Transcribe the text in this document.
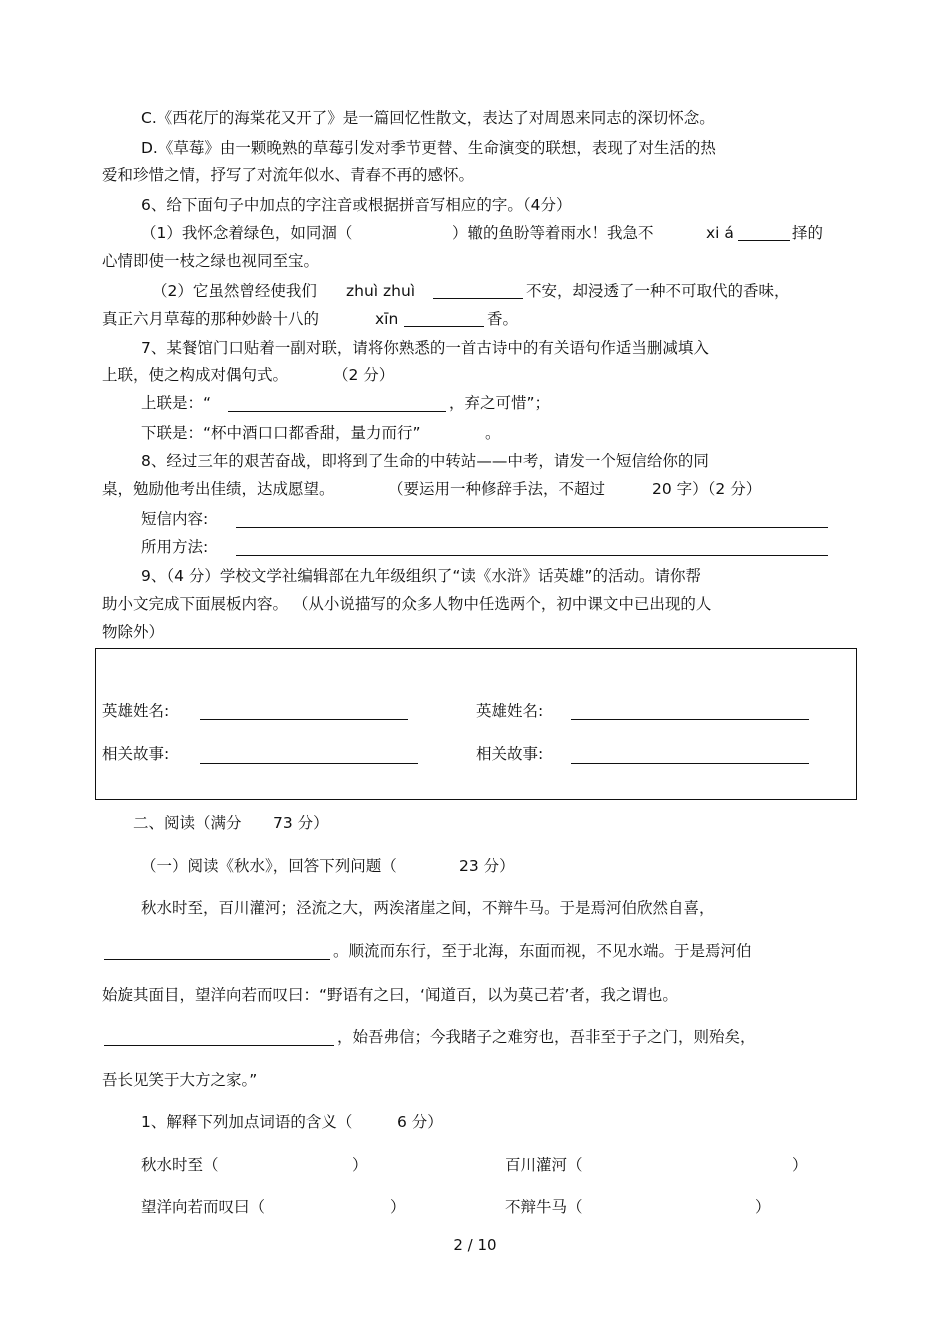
C.《西花厅的海棠花又开了》是一篇回忆性散文，表达了对周恩来同志的深切怀念。
D.《草莓》由一颗晚熟的草莓引发对季节更替、生命演变的联想，表现了对生活的热
爱和珍惜之情，抒写了对流年似水、青春不再的感怀。
6、给下面句子中加点的字注音或根据拼音写相应的字。（4分）
（1）我怀念着绿色，如同涸（	）辙的鱼盼等着雨水！我急不	xi á	择的
心情即使一枝之绿也视同至宝。
（2）它虽然曾经使我们 zhuì zhuì	不安，却浸透了一种不可取代的香味，
真正六月草莓的那种妙龄十八的	xīn	香。
7、某餐馆门口贴着一副对联，请将你熟悉的一首古诗中的有关语句作适当删减填入
上联，使之构成对偶句式。	（2 分）
上联是：“	，弃之可惜”；
下联是：“杯中酒口口都香甜，量力而行”	。
8、经过三年的艰苦奋战，即将到了生命的中转站——中考，请发一个短信给你的同
桌，勉励他考出佳绩，达成愿望。	（要运用一种修辞手法，不超过	20 字）（2 分）
短信内容:
所用方法:
9、（4 分）学校文学社编辑部在九年级组织了“读《水浒》话英雄”的活动。请你帮
助小文完成下面展板内容。 （从小说描写的众多人物中任选两个，初中课文中已出现的人
物除外）
英雄姓名:	英雄姓名:
相关故事:	相关故事:
二、阅读（满分 73 分）
（一）阅读《秋水》，回答下列问题（	23 分）
秋水时至，百川灌河；泾流之大，两涘渚崖之间，不辩牛马。于是焉河伯欣然自喜，
。顺流而东行，至于北海，东面而视，不见水端。于是焉河伯
始旋其面目，望洋向若而叹曰：“野语有之曰，‘闻道百，以为莫己若’者，我之谓也。
，始吾弗信；今我睹子之难穷也，吾非至于子之门，则殆矣，
吾长见笑于大方之家。”
1、解释下列加点词语的含义（	6 分）
秋水时至（	）	百川灌河（	）
望洋向若而叹曰（	）	不辩牛马（	）
2 / 10
